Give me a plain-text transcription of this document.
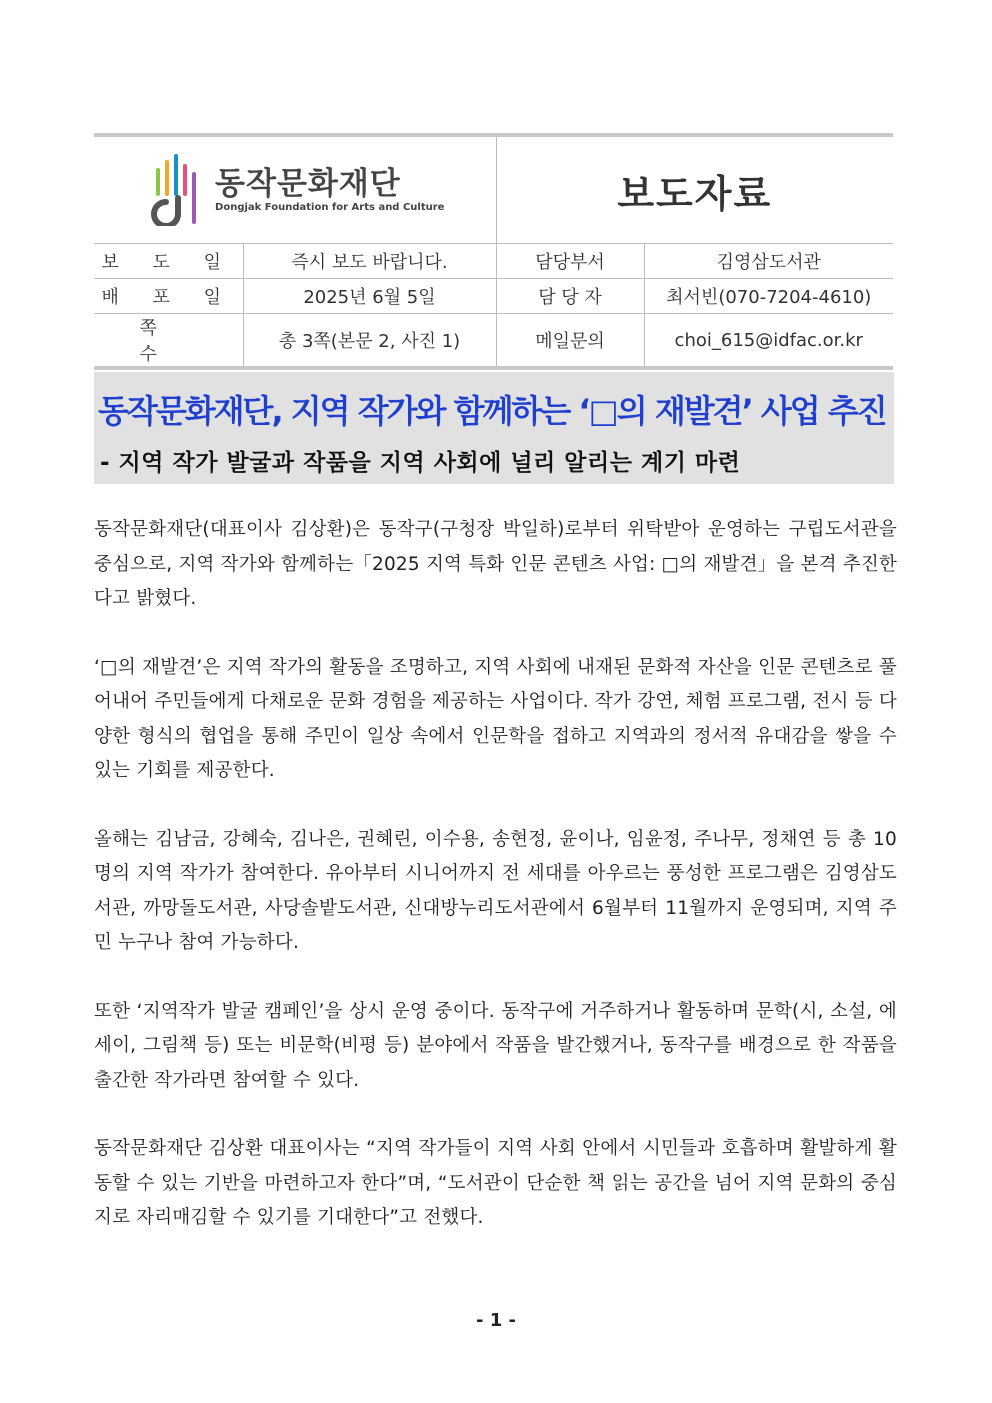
동작문화재단
Dongjak Foundation for Arts and Culture		보도자료	
보 도 일	즉시 보도 바랍니다.	담당부서	김영삼도서관
배 포 일	2025년 6월 5일	담 당 자	최서빈(070-7204-4610)
쪽 수	총 3쪽(본문 2, 사진 1)	메일문의	choi_615@idfac.or.kr
동작문화재단, 지역 작가와 함께하는 ‘□의 재발견’ 사업 추진
- 지역 작가 발굴과 작품을 지역 사회에 널리 알리는 계기 마련

동작문화재단(대표이사 김상환)은 동작구(구청장 박일하)로부터 위탁받아 운영하는 구립도서관을 중심으로, 지역 작가와 함께하는「2025 지역 특화 인문 콘텐츠 사업: □의 재발견」을 본격 추진한다고 밝혔다.

‘□의 재발견’은 지역 작가의 활동을 조명하고, 지역 사회에 내재된 문화적 자산을 인문 콘텐츠로 풀어내어 주민들에게 다채로운 문화 경험을 제공하는 사업이다. 작가 강연, 체험 프로그램, 전시 등 다양한 형식의 협업을 통해 주민이 일상 속에서 인문학을 접하고 지역과의 정서적 유대감을 쌓을 수 있는 기회를 제공한다.

올해는 김남금, 강혜숙, 김나은, 권혜린, 이수용, 송현정, 윤이나, 임윤정, 주나무, 정채연 등 총 10명의 지역 작가가 참여한다. 유아부터 시니어까지 전 세대를 아우르는 풍성한 프로그램은 김영삼도서관, 까망돌도서관, 사당솔밭도서관, 신대방누리도서관에서 6월부터 11월까지 운영되며, 지역 주민 누구나 참여 가능하다.

또한 ‘지역작가 발굴 캠페인’을 상시 운영 중이다. 동작구에 거주하거나 활동하며 문학(시, 소설, 에세이, 그림책 등) 또는 비문학(비평 등) 분야에서 작품을 발간했거나, 동작구를 배경으로 한 작품을 출간한 작가라면 참여할 수 있다.

동작문화재단 김상환 대표이사는 “지역 작가들이 지역 사회 안에서 시민들과 호흡하며 활발하게 활동할 수 있는 기반을 마련하고자 한다”며, “도서관이 단순한 책 읽는 공간을 넘어 지역 문화의 중심지로 자리매김할 수 있기를 기대한다”고 전했다.

- 1 -
